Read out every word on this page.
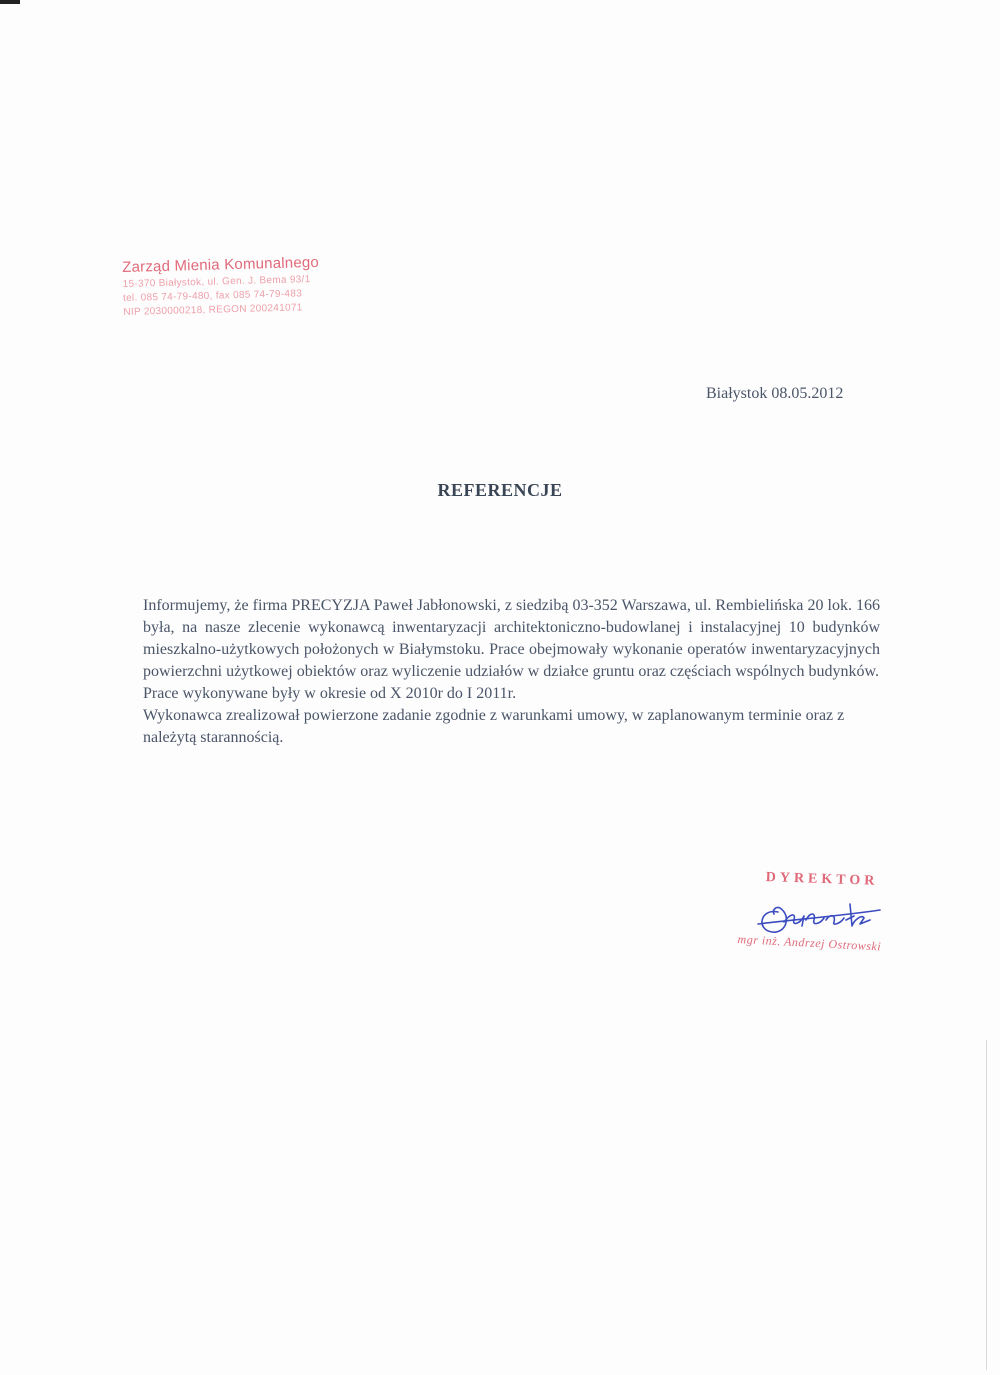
Zarząd Mienia Komunalnego
15-370 Białystok, ul. Gen. J. Bema 93/1
tel. 085 74-79-480, fax 085 74-79-483
NIP 2030000218, REGON 200241071
Białystok 08.05.2012
REFERENCJE

Informujemy, że firma PRECYZJA Paweł Jabłonowski, z siedzibą 03-352 Warszawa, ul. Rembielińska 20 lok. 166 była, na nasze zlecenie wykonawcą inwentaryzacji architektoniczno-budowlanej i instalacyjnej 10 budynków mieszkalno-użytkowych położonych w Białymstoku. Prace obejmowały wykonanie operatów inwentaryzacyjnych powierzchni użytkowej obiektów oraz wyliczenie udziałów w działce gruntu oraz częściach wspólnych budynków.

Prace wykonywane były w okresie od X 2010r do I 2011r.

Wykonawca zrealizował powierzone zadanie zgodnie z warunkami umowy, w zaplanowanym terminie oraz z należytą starannością.

DYREKTOR
mgr inż. Andrzej Ostrowski
